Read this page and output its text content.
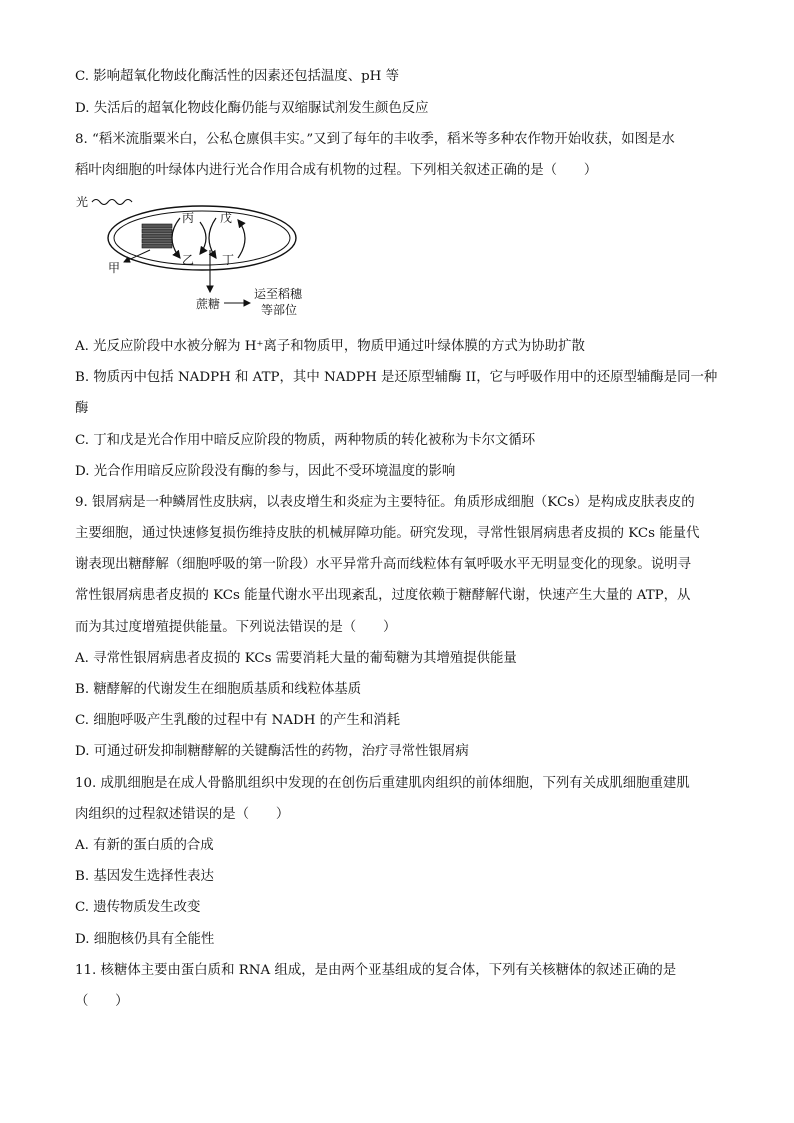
C. 影响超氧化物歧化酶活性的因素还包括温度、pH 等
D. 失活后的超氧化物歧化酶仍能与双缩脲试剂发生颜色反应
8. “稻米流脂粟米白，公私仓廪俱丰实。”又到了每年的丰收季，稻米等多种农作物开始收获，如图是水
稻叶肉细胞的叶绿体内进行光合作用合成有机物的过程。下列相关叙述正确的是（　　）
光
甲
丙
乙
戊
丁
蔗糖
运至稻穗
等部位
A. 光反应阶段中水被分解为 H⁺离子和物质甲，物质甲通过叶绿体膜的方式为协助扩散
B. 物质丙中包括 NADPH 和 ATP，其中 NADPH 是还原型辅酶 II，它与呼吸作用中的还原型辅酶是同一种
酶
C. 丁和戊是光合作用中暗反应阶段的物质，两种物质的转化被称为卡尔文循环
D. 光合作用暗反应阶段没有酶的参与，因此不受环境温度的影响
9. 银屑病是一种鳞屑性皮肤病，以表皮增生和炎症为主要特征。角质形成细胞（KCs）是构成皮肤表皮的
主要细胞，通过快速修复损伤维持皮肤的机械屏障功能。研究发现，寻常性银屑病患者皮损的 KCs 能量代
谢表现出糖酵解（细胞呼吸的第一阶段）水平异常升高而线粒体有氧呼吸水平无明显变化的现象。说明寻
常性银屑病患者皮损的 KCs 能量代谢水平出现紊乱，过度依赖于糖酵解代谢，快速产生大量的 ATP，从
而为其过度增殖提供能量。下列说法错误的是（　　）
A. 寻常性银屑病患者皮损的 KCs 需要消耗大量的葡萄糖为其增殖提供能量
B. 糖酵解的代谢发生在细胞质基质和线粒体基质
C. 细胞呼吸产生乳酸的过程中有 NADH 的产生和消耗
D. 可通过研发抑制糖酵解的关键酶活性的药物，治疗寻常性银屑病
10. 成肌细胞是在成人骨骼肌组织中发现的在创伤后重建肌肉组织的前体细胞，下列有关成肌细胞重建肌
肉组织的过程叙述错误的是（　　）
A. 有新的蛋白质的合成
B. 基因发生选择性表达
C. 遗传物质发生改变
D. 细胞核仍具有全能性
11. 核糖体主要由蛋白质和 RNA 组成，是由两个亚基组成的复合体，下列有关核糖体的叙述正确的是
（　　）
